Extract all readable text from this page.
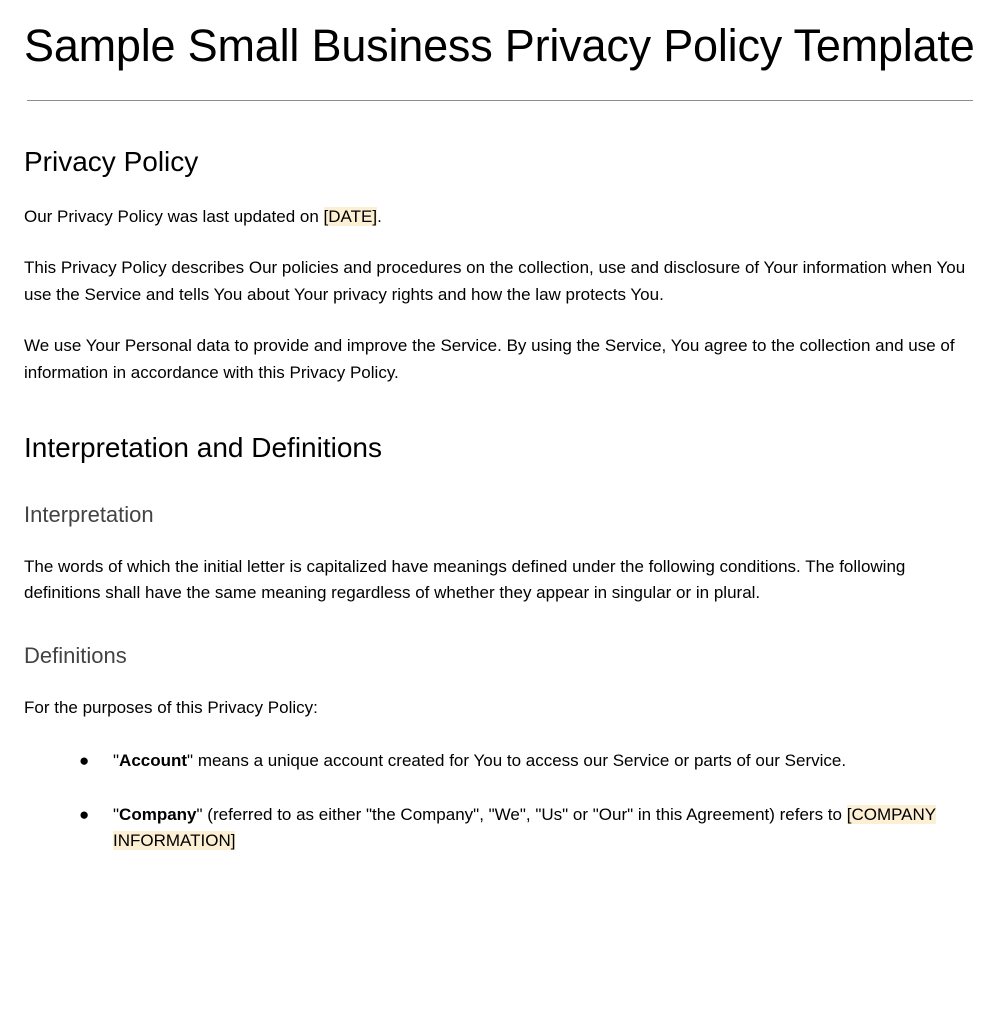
Sample Small Business Privacy Policy Template
Privacy Policy

Our Privacy Policy was last updated on [DATE].

This Privacy Policy describes Our policies and procedures on the collection, use and disclosure of Your information when You use the Service and tells You about Your privacy rights and how the law protects You.

We use Your Personal data to provide and improve the Service. By using the Service, You agree to the collection and use of information in accordance with this Privacy Policy.

Interpretation and Definitions
Interpretation

The words of which the initial letter is capitalized have meanings defined under the following conditions. The following definitions shall have the same meaning regardless of whether they appear in singular or in plural.

Definitions

For the purposes of this Privacy Policy:

● "Account" means a unique account created for You to access our Service or parts of our Service.
● "Company" (referred to as either "the Company", "We", "Us" or "Our" in this Agreement) refers to [COMPANY INFORMATION]
